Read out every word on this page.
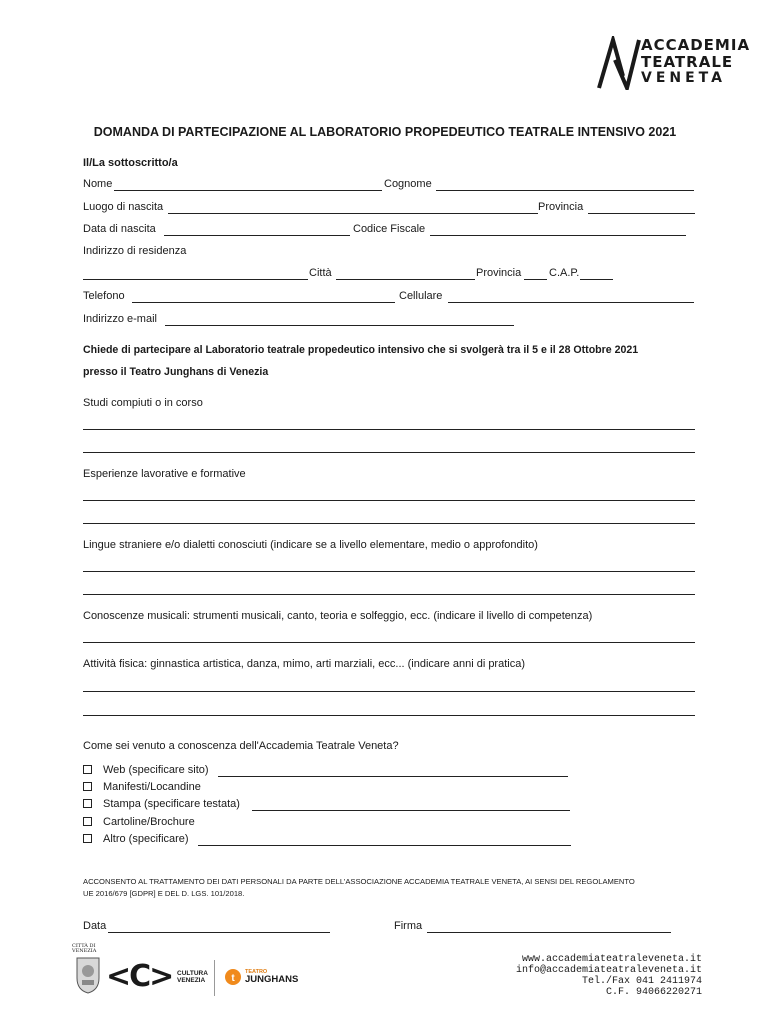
ACCADEMIA
TEATRALE
VENETA
DOMANDA DI PARTECIPAZIONE AL LABORATORIO PROPEDEUTICO TEATRALE INTENSIVO 2021
Il/La sottoscritto/a
Nome	Cognome
Luogo di nascita	Provincia
Data di nascita	Codice Fiscale
Indirizzo di residenza
Città	Provincia	C.A.P.
Telefono	Cellulare
Indirizzo e-mail
Chiede di partecipare al Laboratorio teatrale propedeutico intensivo che si svolgerà tra il 5 e il 28 Ottobre 2021
presso il Teatro Junghans di Venezia
Studi compiuti o in corso
Esperienze lavorative e formative
Lingue straniere e/o dialetti conosciuti (indicare se a livello elementare, medio o approfondito)
Conoscenze musicali: strumenti musicali, canto, teoria e solfeggio, ecc. (indicare il livello di competenza)
Attività fisica: ginnastica artistica, danza, mimo, arti marziali, ecc... (indicare anni di pratica)
Come sei venuto a conoscenza dell'Accademia Teatrale Veneta?
Web (specificare sito)
Manifesti/Locandine
Stampa (specificare testata)
Cartoline/Brochure
Altro (specificare)
ACCONSENTO AL TRATTAMENTO DEI DATI PERSONALI DA PARTE DELL’ASSOCIAZIONE ACCADEMIA TEATRALE VENETA, AI SENSI DEL REGOLAMENTO
UE 2016/679 [GDPR] E DEL D. LGS. 101/2018.
Data	Firma
CITTÀ DI VENEZIA
<C> CULTURA
VENEZIA	t
TEATRO
JUNGHANS
www.accademiateatraleveneta.it
info@accademiateatraleveneta.it
Tel./Fax 041 2411974
C.F. 94066220271
